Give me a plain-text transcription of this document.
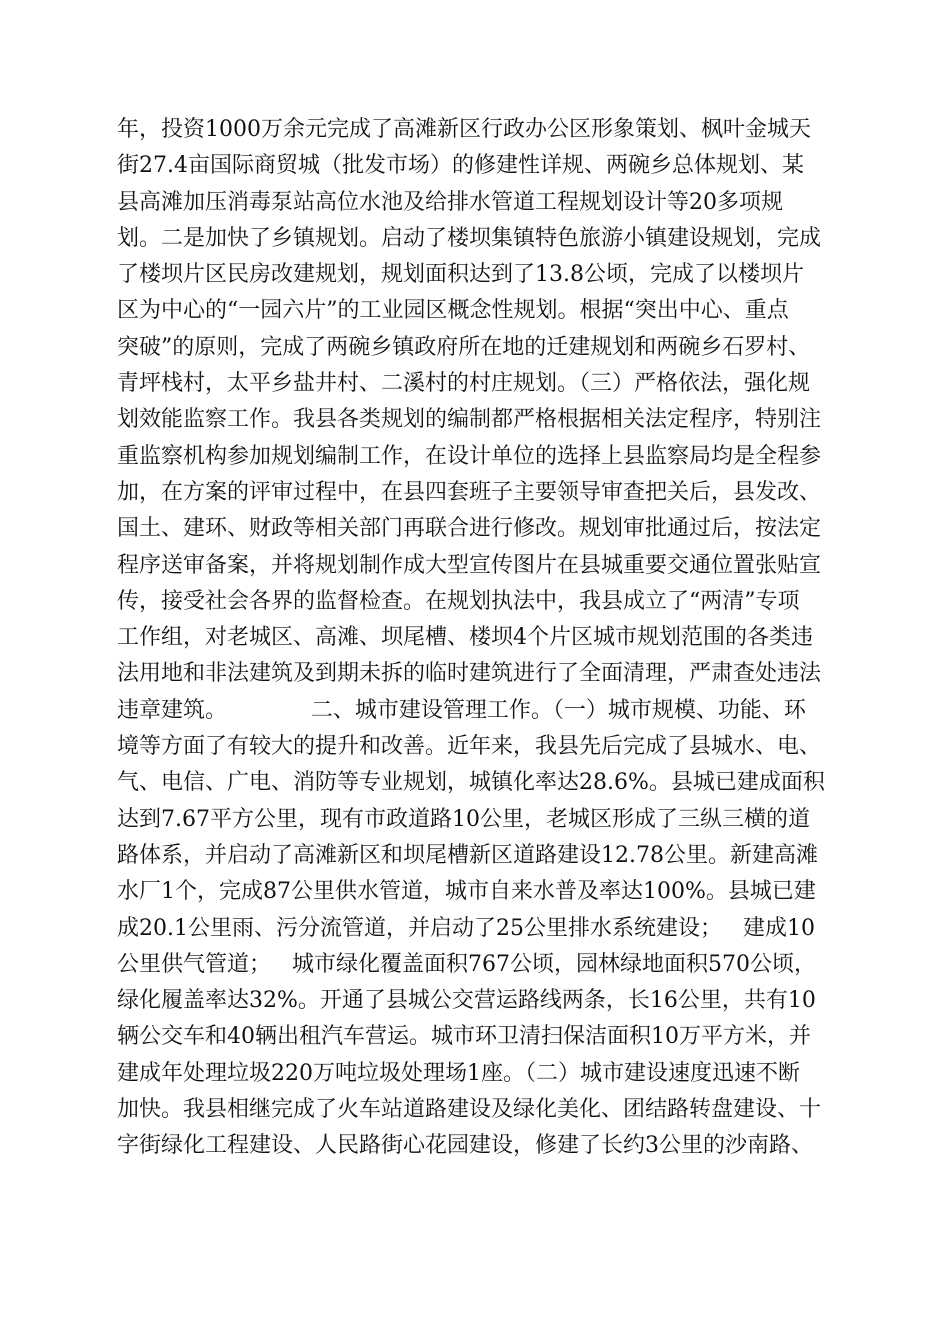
年，投资1000万余元完成了高滩新区行政办公区形象策划、枫叶金城天
街27.4亩国际商贸城（批发市场）的修建性详规、两碗乡总体规划、某
县高滩加压消毒泵站高位水池及给排水管道工程规划设计等20多项规
划。二是加快了乡镇规划。启动了楼坝集镇特色旅游小镇建设规划，完成
了楼坝片区民房改建规划，规划面积达到了13.8公顷，完成了以楼坝片
区为中心的“一园六片”的工业园区概念性规划。根据“突出中心、重点
突破”的原则，完成了两碗乡镇政府所在地的迁建规划和两碗乡石罗村、
青坪栈村，太平乡盐井村、二溪村的村庄规划。（三）严格依法，强化规
划效能监察工作。我县各类规划的编制都严格根据相关法定程序，特别注
重监察机构参加规划编制工作，在设计单位的选择上县监察局均是全程参
加，在方案的评审过程中，在县四套班子主要领导审查把关后，县发改、
国土、建环、财政等相关部门再联合进行修改。规划审批通过后，按法定
程序送审备案，并将规划制作成大型宣传图片在县城重要交通位置张贴宣
传，接受社会各界的监督检查。在规划执法中，我县成立了“两清”专项
工作组，对老城区、高滩、坝尾槽、楼坝4个片区城市规划范围的各类违
法用地和非法建筑及到期未拆的临时建筑进行了全面清理，严肃查处违法
违章建筑。            二、城市建设管理工作。（一）城市规模、功能、环
境等方面了有较大的提升和改善。近年来，我县先后完成了县城水、电、
气、电信、广电、消防等专业规划，城镇化率达28.6%。县城已建成面积
达到7.67平方公里，现有市政道路10公里，老城区形成了三纵三横的道
路体系，并启动了高滩新区和坝尾槽新区道路建设12.78公里。新建高滩
水厂1个，完成87公里供水管道，城市自来水普及率达100%。县城已建
成20.1公里雨、污分流管道，并启动了25公里排水系统建设；   建成10
公里供气管道；   城市绿化覆盖面积767公顷，园林绿地面积570公顷，
绿化履盖率达32%。开通了县城公交营运路线两条，长16公里，共有10
辆公交车和40辆出租汽车营运。城市环卫清扫保洁面积10万平方米，并
建成年处理垃圾220万吨垃圾处理场1座。（二）城市建设速度迅速不断
加快。我县相继完成了火车站道路建设及绿化美化、团结路转盘建设、十
字街绿化工程建设、人民路街心花园建设，修建了长约3公里的沙南路、
